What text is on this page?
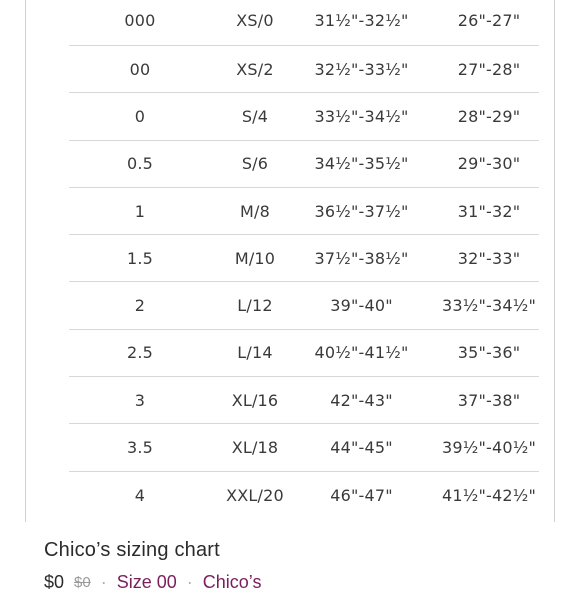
000	XS/0	31½"-32½"	26"-27"
00	XS/2	32½"-33½"	27"-28"
0	S/4	33½"-34½"	28"-29"
0.5	S/6	34½"-35½"	29"-30"
1	M/8	36½"-37½"	31"-32"
1.5	M/10	37½"-38½"	32"-33"
2	L/12	39"-40"	33½"-34½"
2.5	L/14	40½"-41½"	35"-36"
3	XL/16	42"-43"	37"-38"
3.5	XL/18	44"-45"	39½"-40½"
4	XXL/20	46"-47"	41½"-42½"
Chico’s sizing chart
$0 $0 · Size 00 · Chico’s
